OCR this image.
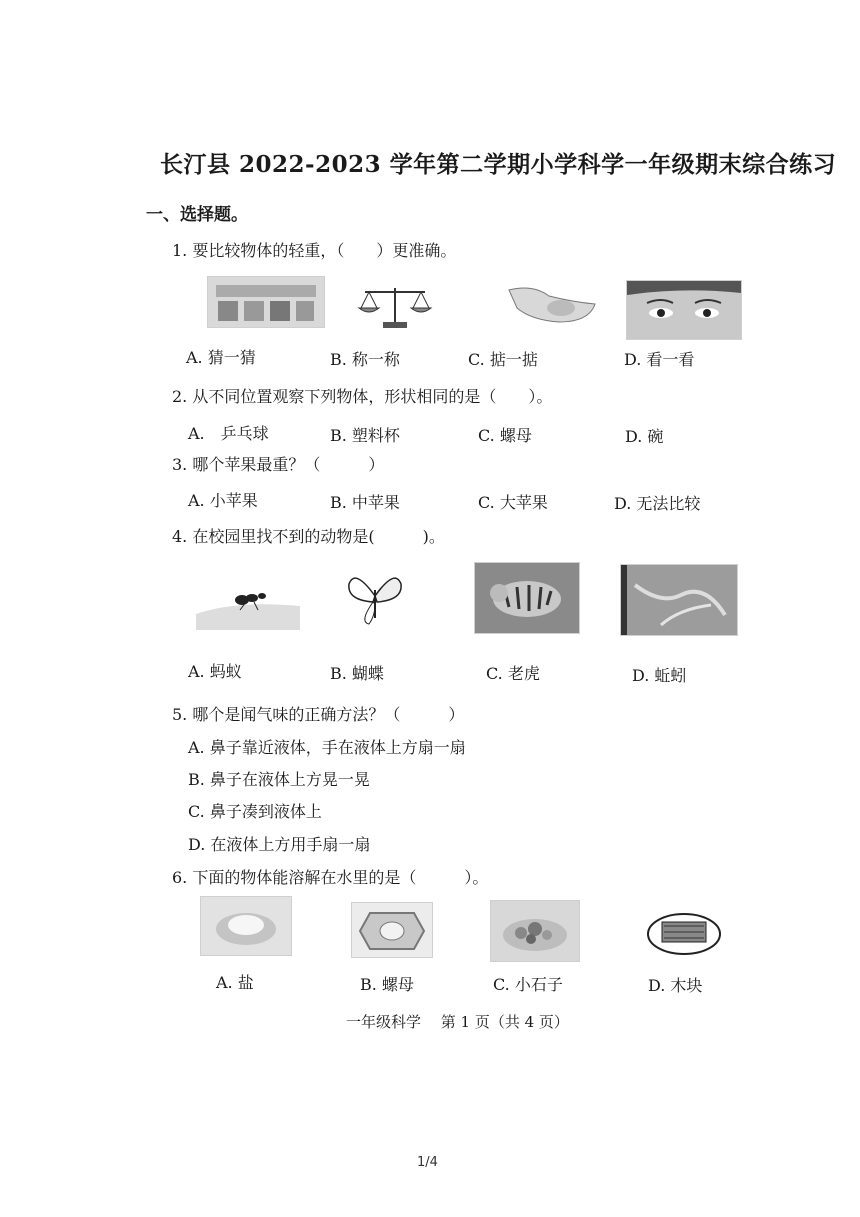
长汀县 2022-2023 学年第二学期小学科学一年级期末综合练习
一、选择题。
1. 要比较物体的轻重，（　　）更准确。
A. 猜一猜	B. 称一称	C. 掂一掂	D. 看一看
2. 从不同位置观察下列物体，形状相同的是（　　）。
A.　乒乓球	B. 塑料杯	C. 螺母	D. 碗
3. 哪个苹果最重？（　　　）
A. 小苹果	B. 中苹果	C. 大苹果	D. 无法比较
4. 在校园里找不到的动物是(　　　)。
A. 蚂蚁	B. 蝴蝶	C. 老虎	D. 蚯蚓
5. 哪个是闻气味的正确方法？（　　　）
A. 鼻子靠近液体，手在液体上方扇一扇
B. 鼻子在液体上方晃一晃
C. 鼻子凑到液体上
D. 在液体上方用手扇一扇
6. 下面的物体能溶解在水里的是（　　　）。
A. 盐	B. 螺母	C. 小石子	D. 木块
一年级科学　 第 1 页（共 4 页）
1/4
